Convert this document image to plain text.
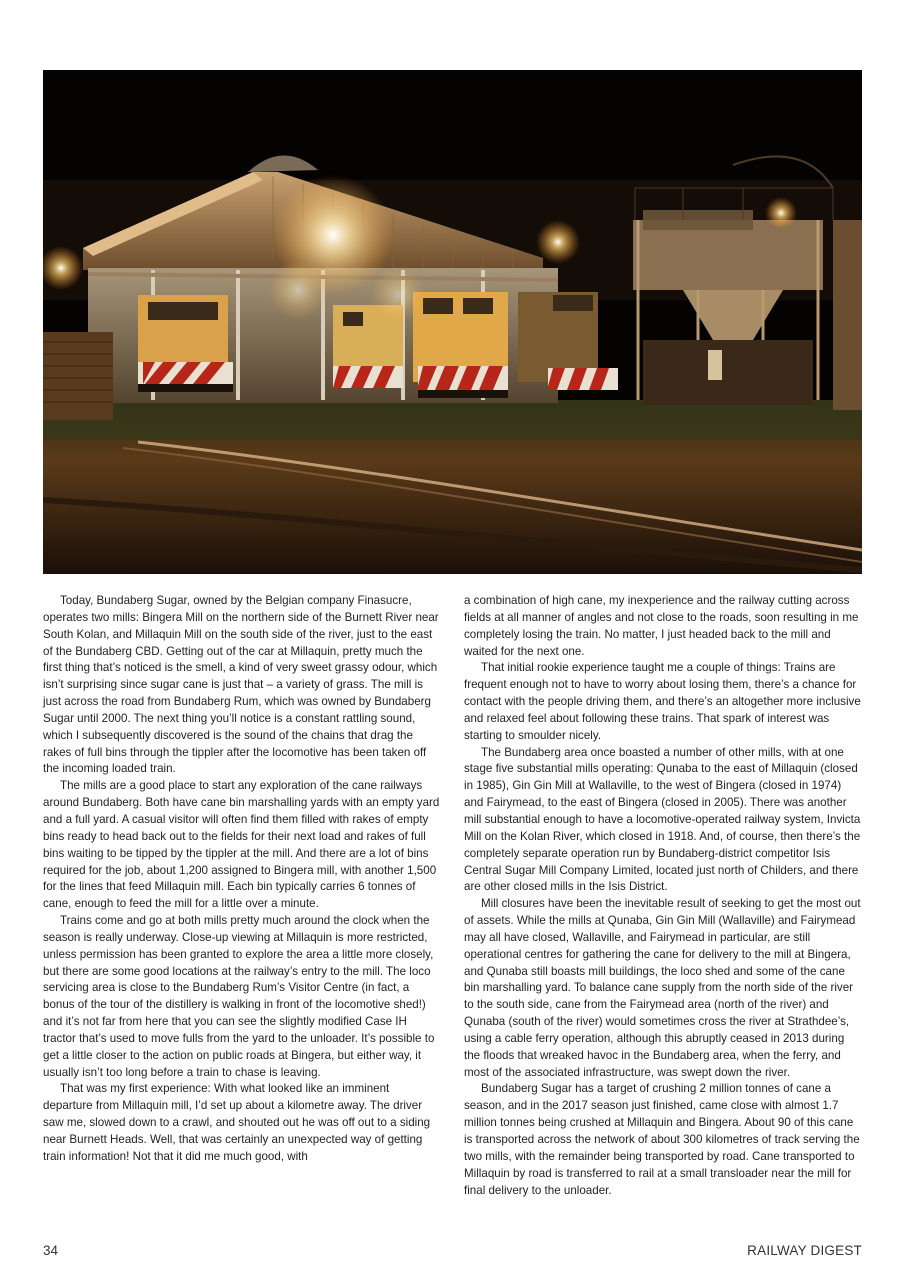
Today, Bundaberg Sugar, owned by the Belgian company Finasucre, operates two mills: Bingera Mill on the northern side of the Burnett River near South Kolan, and Millaquin Mill on the south side of the river, just to the east of the Bundaberg CBD. Getting out of the car at Millaquin, pretty much the first thing that’s noticed is the smell, a kind of very sweet grassy odour, which isn’t surprising since sugar cane is just that – a variety of grass. The mill is just across the road from Bundaberg Rum, which was owned by Bundaberg Sugar until 2000. The next thing you’ll notice is a constant rattling sound, which I subsequently discovered is the sound of the chains that drag the rakes of full bins through the tippler after the locomotive has been taken off the incoming loaded train.

The mills are a good place to start any exploration of the cane railways around Bundaberg. Both have cane bin marshalling yards with an empty yard and a full yard. A casual visitor will often find them filled with rakes of empty bins ready to head back out to the fields for their next load and rakes of full bins waiting to be tipped by the tippler at the mill. And there are a lot of bins required for the job, about 1,200 assigned to Bingera mill, with another 1,500 for the lines that feed Millaquin mill. Each bin typically carries 6 tonnes of cane, enough to feed the mill for a little over a minute.

Trains come and go at both mills pretty much around the clock when the season is really underway. Close-up viewing at Millaquin is more restricted, unless permission has been granted to explore the area a little more closely, but there are some good locations at the railway’s entry to the mill. The loco servicing area is close to the Bundaberg Rum’s Visitor Centre (in fact, a bonus of the tour of the distillery is walking in front of the locomotive shed!) and it’s not far from here that you can see the slightly modified Case IH tractor that’s used to move fulls from the yard to the unloader. It’s possible to get a little closer to the action on public roads at Bingera, but either way, it usually isn’t too long before a train to chase is leaving.

That was my first experience: With what looked like an imminent departure from Millaquin mill, I’d set up about a kilometre away. The driver saw me, slowed down to a crawl, and shouted out he was off out to a siding near Burnett Heads. Well, that was certainly an unexpected way of getting train information! Not that it did me much good, with

a combination of high cane, my inexperience and the railway cutting across fields at all manner of angles and not close to the roads, soon resulting in me completely losing the train. No matter, I just headed back to the mill and waited for the next one.

That initial rookie experience taught me a couple of things: Trains are frequent enough not to have to worry about losing them, there’s a chance for contact with the people driving them, and there’s an altogether more inclusive and relaxed feel about following these trains. That spark of interest was starting to smoulder nicely.

The Bundaberg area once boasted a number of other mills, with at one stage five substantial mills operating: Qunaba to the east of Millaquin (closed in 1985), Gin Gin Mill at Wallaville, to the west of Bingera (closed in 1974) and Fairymead, to the east of Bingera (closed in 2005). There was another mill substantial enough to have a locomotive-operated railway system, Invicta Mill on the Kolan River, which closed in 1918. And, of course, then there’s the completely separate operation run by Bundaberg-district competitor Isis Central Sugar Mill Company Limited, located just north of Childers, and there are other closed mills in the Isis District.

Mill closures have been the inevitable result of seeking to get the most out of assets. While the mills at Qunaba, Gin Gin Mill (Wallaville) and Fairymead may all have closed, Wallaville, and Fairymead in particular, are still operational centres for gathering the cane for delivery to the mill at Bingera, and Qunaba still boasts mill buildings, the loco shed and some of the cane bin marshalling yard. To balance cane supply from the north side of the river to the south side, cane from the Fairymead area (north of the river) and Qunaba (south of the river) would sometimes cross the river at Strathdee’s, using a cable ferry operation, although this abruptly ceased in 2013 during the floods that wreaked havoc in the Bundaberg area, when the ferry, and most of the associated infrastructure, was swept down the river.

Bundaberg Sugar has a target of crushing 2 million tonnes of cane a season, and in the 2017 season just finished, came close with almost 1.7 million tonnes being crushed at Millaquin and Bingera. About 90 of this cane is transported across the network of about 300 kilometres of track serving the two mills, with the remainder being transported by road. Cane transported to Millaquin by road is transferred to rail at a small transloader near the mill for final delivery to the unloader.

34	RAILWAY DIGEST
